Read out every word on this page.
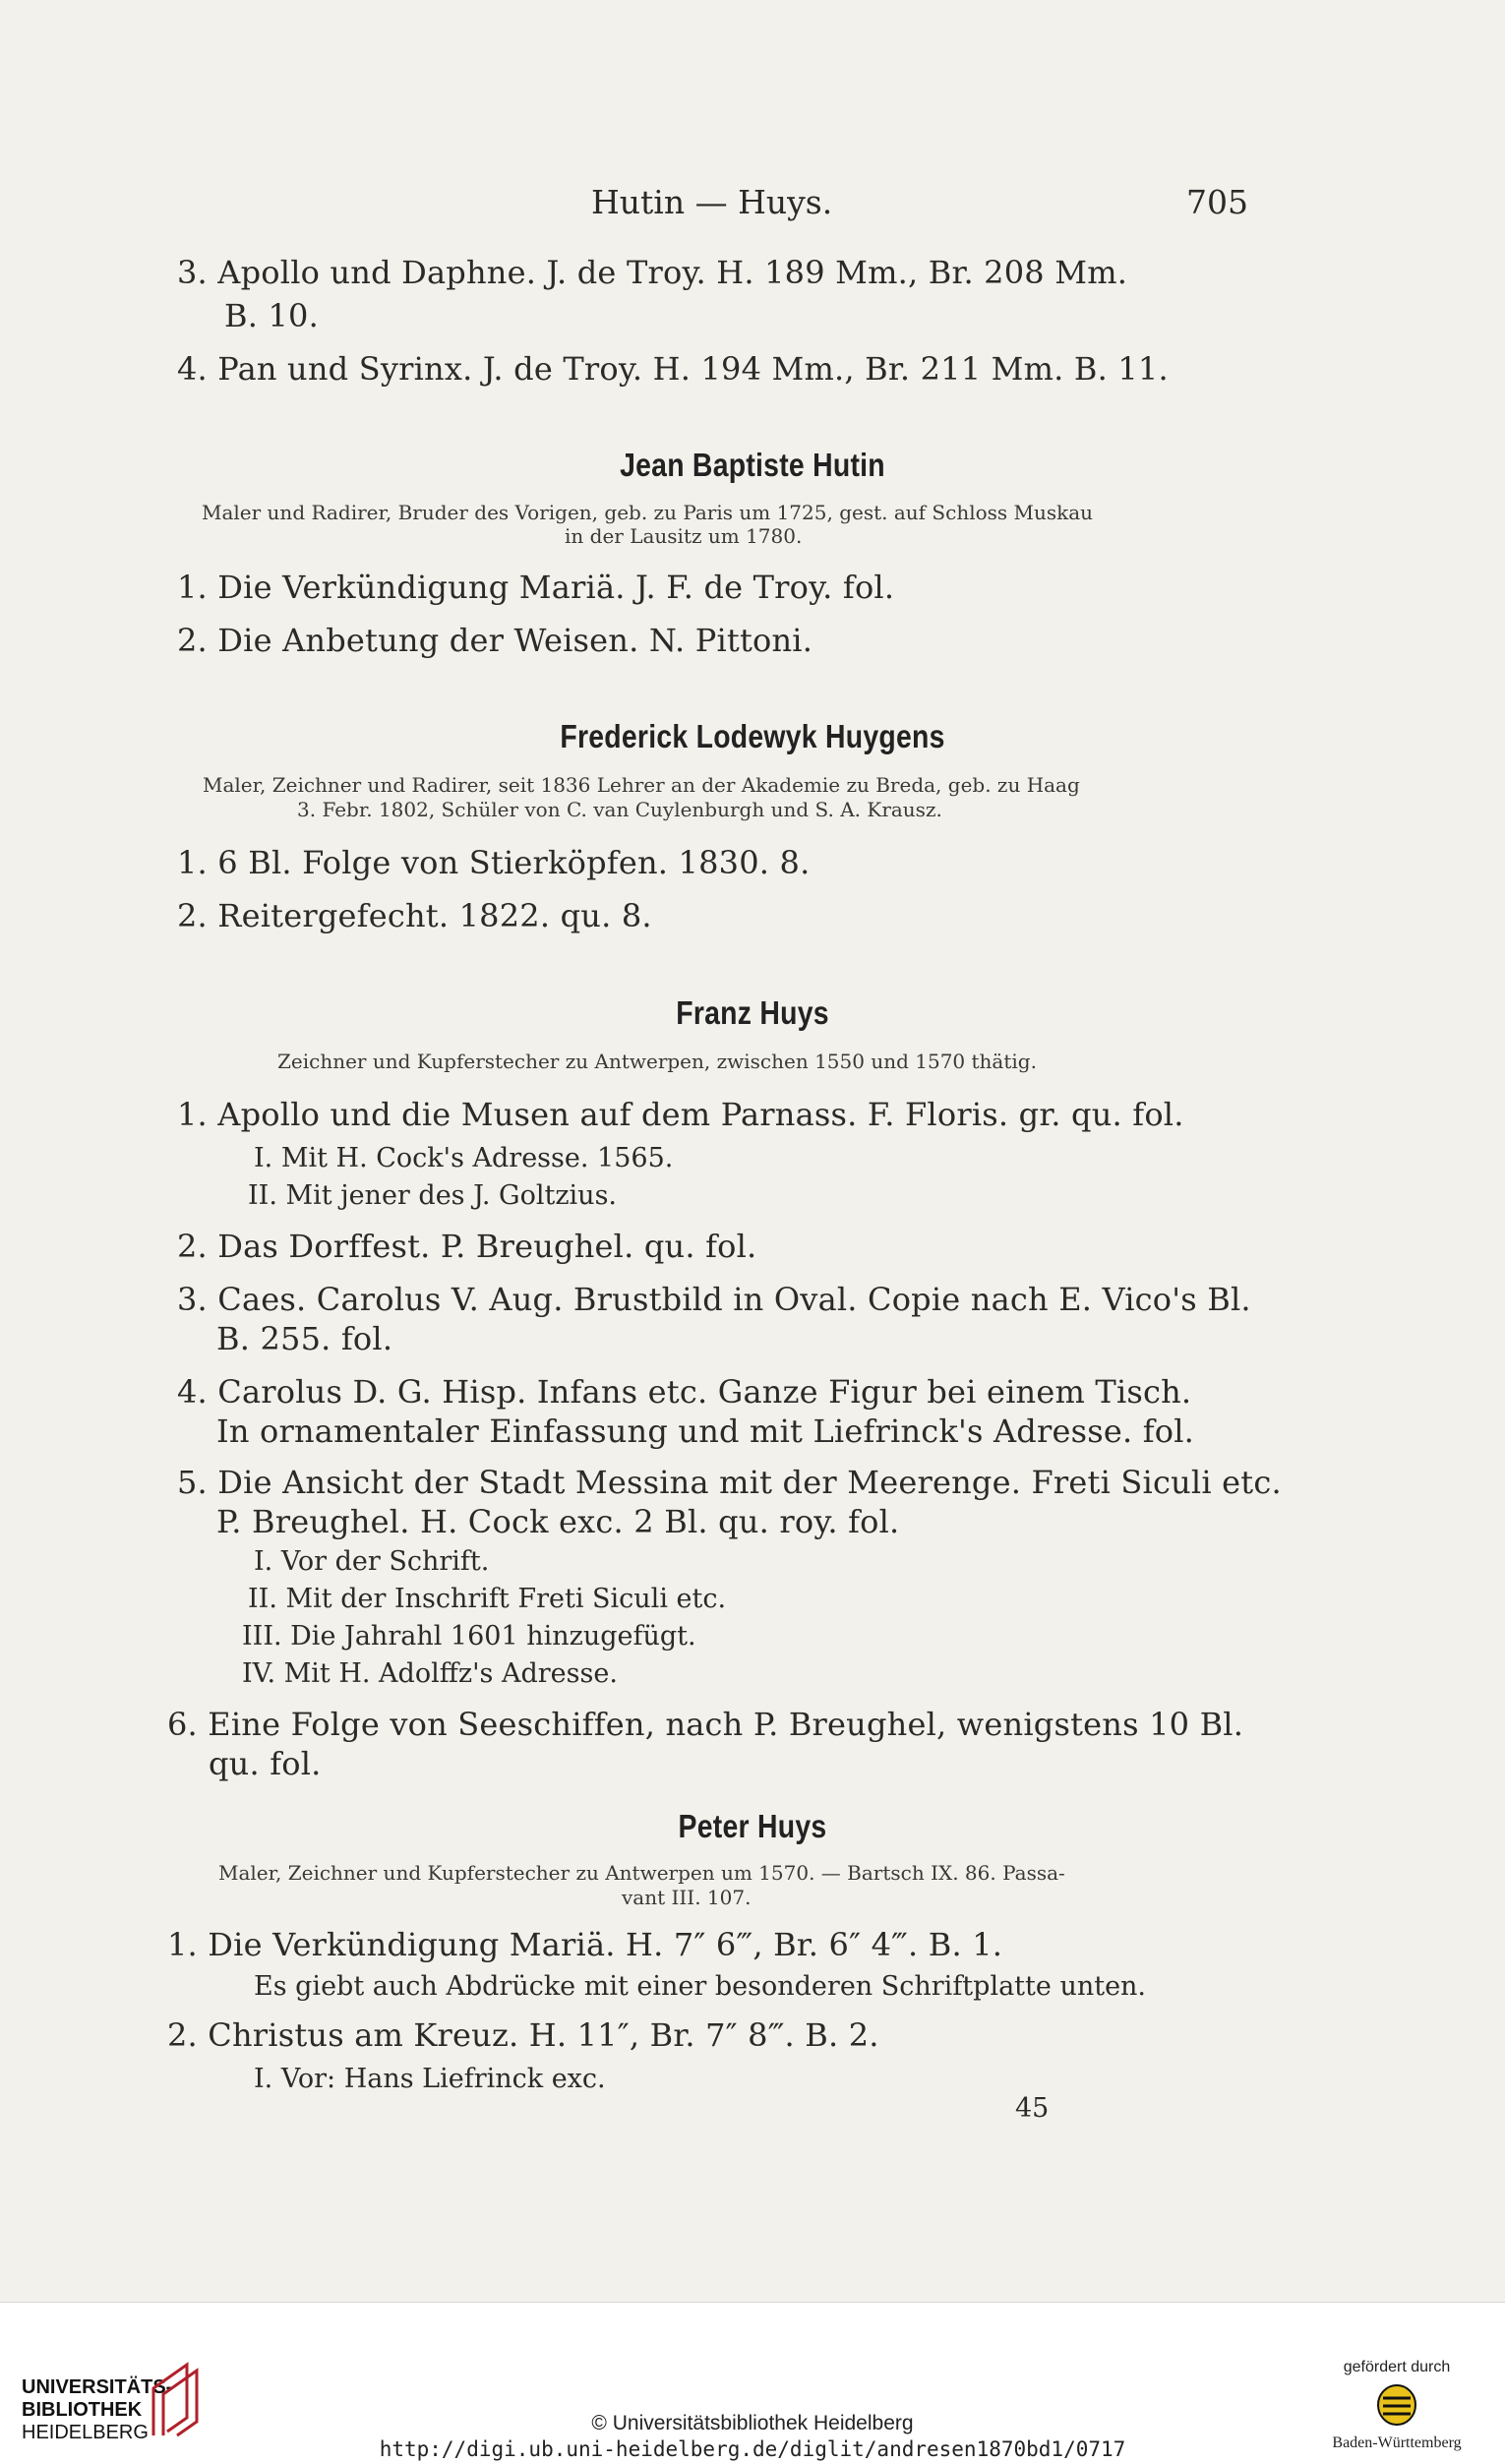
Hutin — Huys.	705
3. Apollo und Daphne. J. de Troy. H. 189 Mm., Br. 208 Mm.
B. 10.
4. Pan und Syrinx. J. de Troy. H. 194 Mm., Br. 211 Mm. B. 11.
Jean Baptiste Hutin
Maler und Radirer, Bruder des Vorigen, geb. zu Paris um 1725, gest. auf Schloss Muskau
in der Lausitz um 1780.
1. Die Verkündigung Mariä. J. F. de Troy. fol.
2. Die Anbetung der Weisen. N. Pittoni.
Frederick Lodewyk Huygens
Maler, Zeichner und Radirer, seit 1836 Lehrer an der Akademie zu Breda, geb. zu Haag
3. Febr. 1802, Schüler von C. van Cuylenburgh und S. A. Krausz.
1. 6 Bl. Folge von Stierköpfen. 1830. 8.
2. Reitergefecht. 1822. qu. 8.
Franz Huys
Zeichner und Kupferstecher zu Antwerpen, zwischen 1550 und 1570 thätig.
1. Apollo und die Musen auf dem Parnass. F. Floris. gr. qu. fol.
I. Mit H. Cock's Adresse. 1565.
II. Mit jener des J. Goltzius.
2. Das Dorffest. P. Breughel. qu. fol.
3. Caes. Carolus V. Aug. Brustbild in Oval. Copie nach E. Vico's Bl.
B. 255. fol.
4. Carolus D. G. Hisp. Infans etc. Ganze Figur bei einem Tisch.
In ornamentaler Einfassung und mit Liefrinck's Adresse. fol.
5. Die Ansicht der Stadt Messina mit der Meerenge. Freti Siculi etc.
P. Breughel. H. Cock exc. 2 Bl. qu. roy. fol.
I. Vor der Schrift.
II. Mit der Inschrift Freti Siculi etc.
III. Die Jahrahl 1601 hinzugefügt.
IV. Mit H. Adolffz's Adresse.
6. Eine Folge von Seeschiffen, nach P. Breughel, wenigstens 10 Bl.
qu. fol.
Peter Huys
Maler, Zeichner und Kupferstecher zu Antwerpen um 1570. — Bartsch IX. 86. Passa-
vant III. 107.
1. Die Verkündigung Mariä. H. 7″ 6‴, Br. 6″ 4‴. B. 1.
Es giebt auch Abdrücke mit einer besonderen Schriftplatte unten.
2. Christus am Kreuz. H. 11″, Br. 7″ 8‴. B. 2.
I. Vor: Hans Liefrinck exc.
45
UNIVERSITÄTS-
BIBLIOTHEK
HEIDELBERG	© Universitätsbibliothek Heidelberg
http://digi.ub.uni-heidelberg.de/diglit/andresen1870bd1/0717
gefördert durch
Baden-Württemberg
